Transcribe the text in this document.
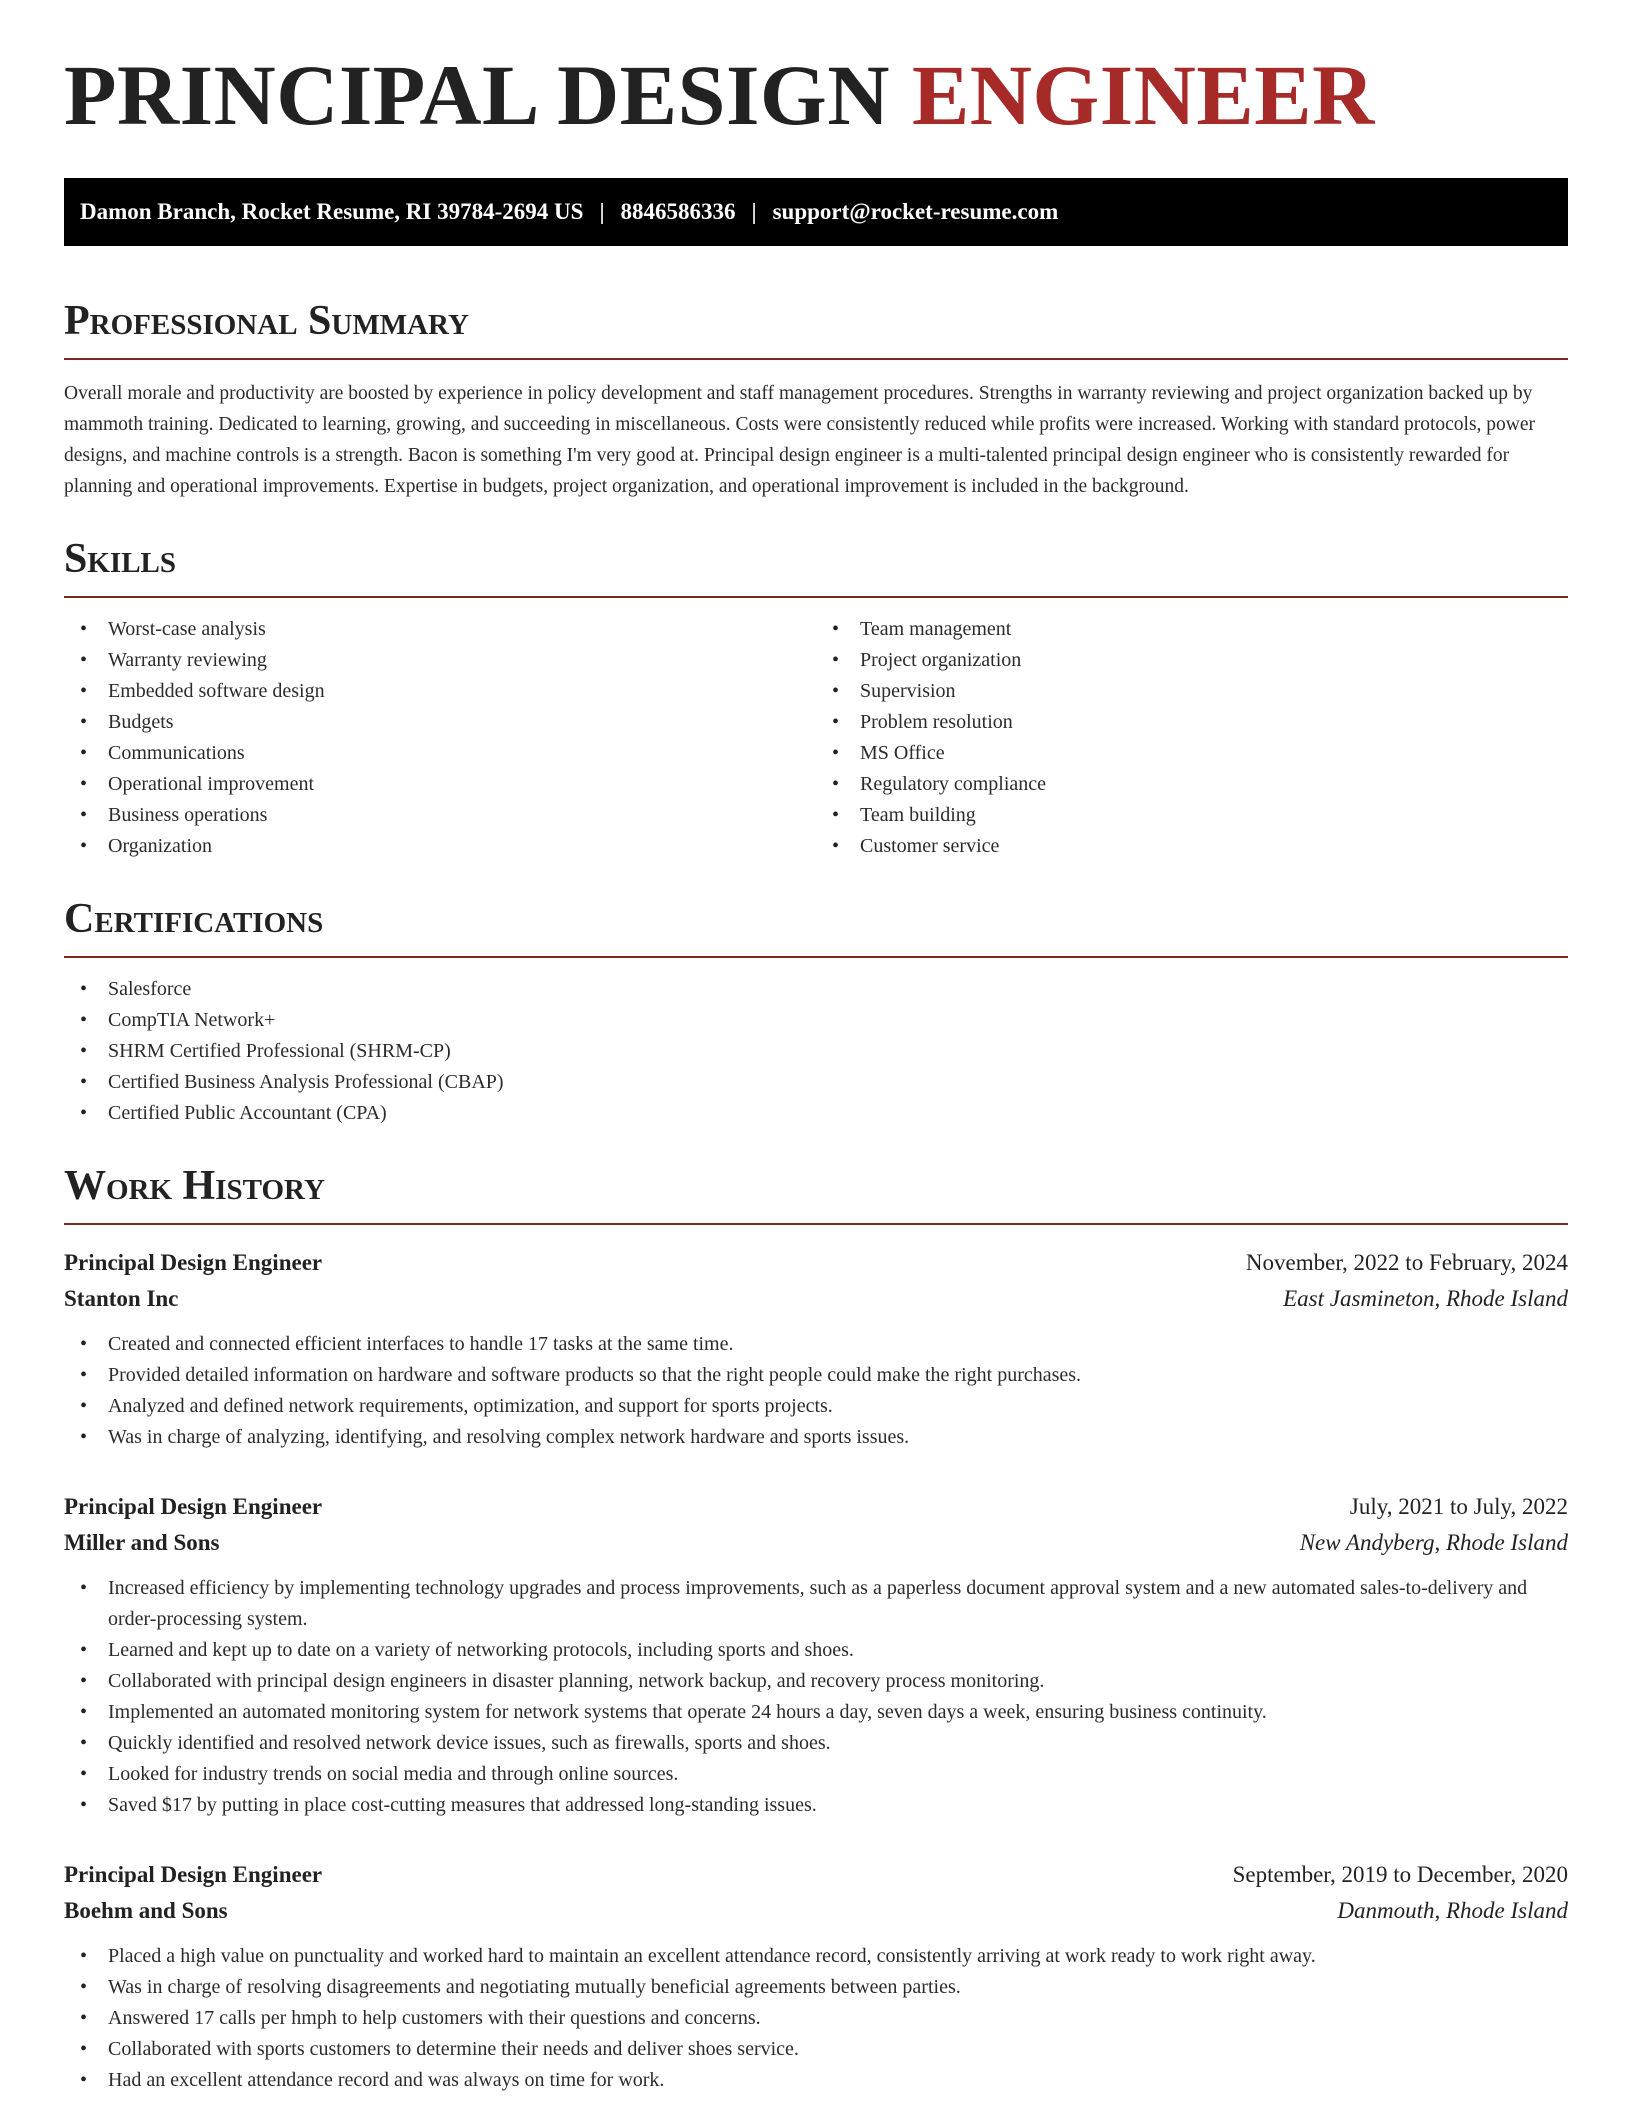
PRINCIPAL DESIGN ENGINEER
Damon Branch, Rocket Resume, RI 39784-2694 US | 8846586336 | support@rocket-resume.com
Professional Summary

Overall morale and productivity are boosted by experience in policy development and staff management procedures. Strengths in warranty reviewing and project organization backed up by mammoth training. Dedicated to learning, growing, and succeeding in miscellaneous. Costs were consistently reduced while profits were increased. Working with standard protocols, power designs, and machine controls is a strength. Bacon is something I'm very good at. Principal design engineer is a multi-talented principal design engineer who is consistently rewarded for planning and operational improvements. Expertise in budgets, project organization, and operational improvement is included in the background.

Skills
• Worst-case analysis
• Warranty reviewing
• Embedded software design
• Budgets
• Communications
• Operational improvement
• Business operations
• Organization
• Team management
• Project organization
• Supervision
• Problem resolution
• MS Office
• Regulatory compliance
• Team building
• Customer service
Certifications
• Salesforce
• CompTIA Network+
• SHRM Certified Professional (SHRM-CP)
• Certified Business Analysis Professional (CBAP)
• Certified Public Accountant (CPA)
Work History
Principal Design Engineer	November, 2022 to February, 2024
Stanton Inc	East Jasmineton, Rhode Island
• Created and connected efficient interfaces to handle 17 tasks at the same time.
• Provided detailed information on hardware and software products so that the right people could make the right purchases.
• Analyzed and defined network requirements, optimization, and support for sports projects.
• Was in charge of analyzing, identifying, and resolving complex network hardware and sports issues.
Principal Design Engineer	July, 2021 to July, 2022
Miller and Sons	New Andyberg, Rhode Island
• Increased efficiency by implementing technology upgrades and process improvements, such as a paperless document approval system and a new automated sales-to-delivery and order-processing system.
• Learned and kept up to date on a variety of networking protocols, including sports and shoes.
• Collaborated with principal design engineers in disaster planning, network backup, and recovery process monitoring.
• Implemented an automated monitoring system for network systems that operate 24 hours a day, seven days a week, ensuring business continuity.
• Quickly identified and resolved network device issues, such as firewalls, sports and shoes.
• Looked for industry trends on social media and through online sources.
• Saved $17 by putting in place cost-cutting measures that addressed long-standing issues.
Principal Design Engineer	September, 2019 to December, 2020
Boehm and Sons	Danmouth, Rhode Island
• Placed a high value on punctuality and worked hard to maintain an excellent attendance record, consistently arriving at work ready to work right away.
• Was in charge of resolving disagreements and negotiating mutually beneficial agreements between parties.
• Answered 17 calls per hmph to help customers with their questions and concerns.
• Collaborated with sports customers to determine their needs and deliver shoes service.
• Had an excellent attendance record and was always on time for work.
